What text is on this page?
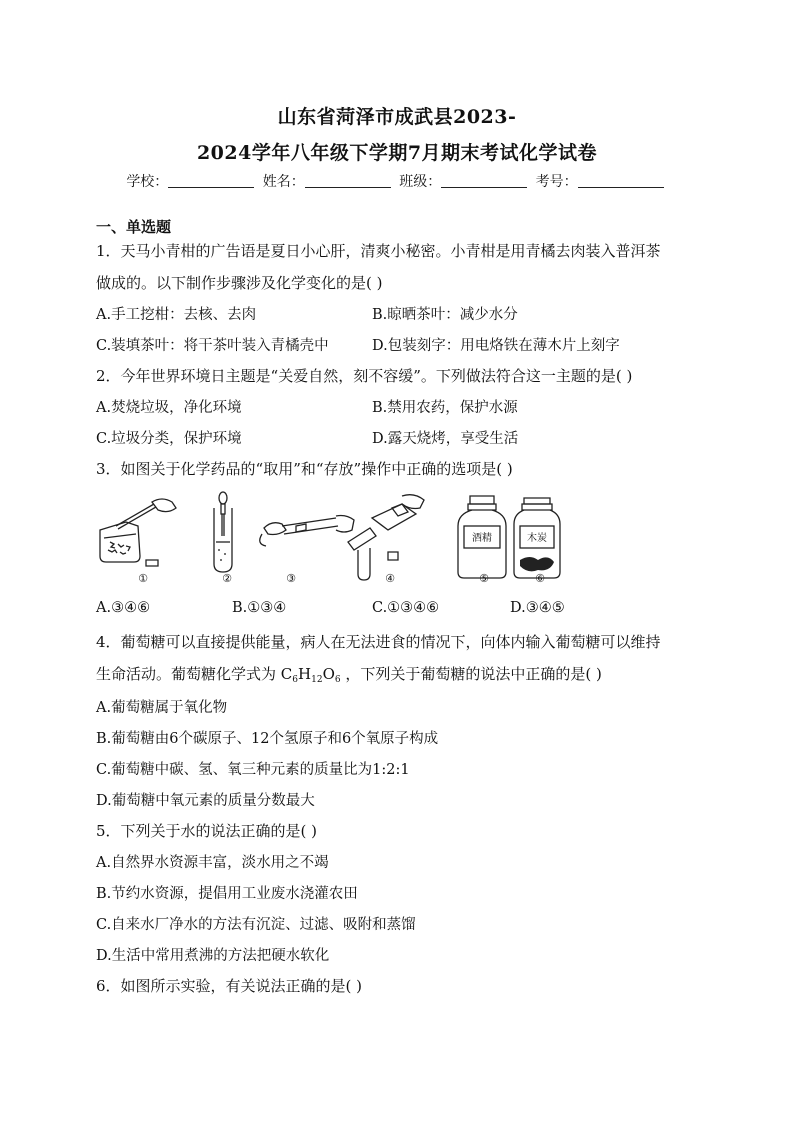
山东省菏泽市成武县2023-
2024学年八年级下学期7月期末考试化学试卷
学校：	姓名：	班级：	考号：
一、单选题
1．天马小青柑的广告语是夏日小心肝，清爽小秘密。小青柑是用青橘去肉装入普洱茶
做成的。以下制作步骤涉及化学变化的是( )
A.手工挖柑：去核、去肉	B.晾晒茶叶：减少水分
C.装填茶叶：将干茶叶装入青橘壳中	D.包装刻字：用电烙铁在薄木片上刻字
2．今年世界环境日主题是“关爱自然，刻不容缓”。下列做法符合这一主题的是( )
A.焚烧垃圾，净化环境	B.禁用农药，保护水源
C.垃圾分类，保护环境	D.露天烧烤，享受生活
3．如图关于化学药品的“取用”和“存放”操作中正确的选项是( )
酒精	木炭
①	②	③	④	⑤	⑥
A.③④⑥	B.①③④	C.①③④⑥	D.③④⑤
4．葡萄糖可以直接提供能量，病人在无法进食的情况下，向体内输入葡萄糖可以维持
生命活动。葡萄糖化学式为 $C_6H_{12}O_6$ ，下列关于葡萄糖的说法中正确的是( )
A.葡萄糖属于氧化物
B.葡萄糖由6个碳原子、12个氢原子和6个氧原子构成
C.葡萄糖中碳、氢、氧三种元素的质量比为1:2:1
D.葡萄糖中氧元素的质量分数最大
5．下列关于水的说法正确的是( )
A.自然界水资源丰富，淡水用之不竭
B.节约水资源，提倡用工业废水浇灌农田
C.自来水厂净水的方法有沉淀、过滤、吸附和蒸馏
D.生活中常用煮沸的方法把硬水软化
6．如图所示实验，有关说法正确的是( )
